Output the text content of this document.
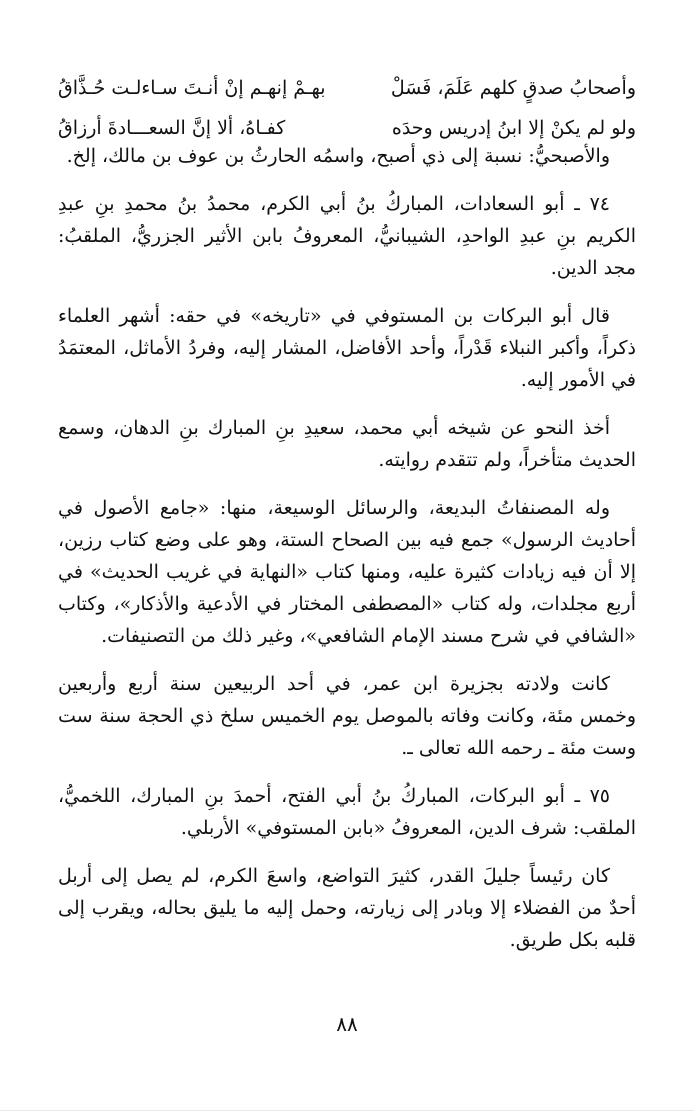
وأصحابُ صدقٍ كلهم عَلَمَ، فَسَلْ
بهـمْ إنهـم إنْ أنـتَ سـاءلـت حُـذَّاقُ
ولو لم يكنْ إلا ابنُ إدريس وحدَه
كفـاهُ، ألا إنَّ السعـــادةَ أرزاقُ

والأصبحيُّ: نسبة إلى ذي أصبح، واسمُه الحارثُ بن عوف بن مالك، إلخ.

٧٤ ـ أبو السعادات، المباركُ بنُ أبي الكرم، محمدُ بنُ محمدِ بنِ عبدِ الكريم بنِ عبدِ الواحدِ، الشيبانيُّ، المعروفُ بابن الأثير الجزريُّ، الملقبُ: مجد الدين.

قال أبو البركات بن المستوفي في «تاريخه» في حقه: أشهر العلماء ذكراً، وأكبر النبلاء قَدْراً، وأحد الأفاضل، المشار إليه، وفردُ الأماثل، المعتمَدُ في الأمور إليه.

أخذ النحو عن شيخه أبي محمد، سعيدِ بنِ المبارك بنِ الدهان، وسمع الحديث متأخراً، ولم تتقدم روايته.

وله المصنفاتُ البديعة، والرسائل الوسيعة، منها: «جامع الأصول في أحاديث الرسول» جمع فيه بين الصحاح الستة، وهو على وضع كتاب رزين، إلا أن فيه زيادات كثيرة عليه، ومنها كتاب «النهاية في غريب الحديث» في أربع مجلدات، وله كتاب «المصطفى المختار في الأدعية والأذكار»، وكتاب «الشافي في شرح مسند الإمام الشافعي»، وغير ذلك من التصنيفات.

كانت ولادته بجزيرة ابن عمر، في أحد الربيعين سنة أربع وأربعين وخمس مئة، وكانت وفاته بالموصل يوم الخميس سلخ ذي الحجة سنة ست وست مئة ـ رحمه الله تعالى ـ.

٧٥ ـ أبو البركات، المباركُ بنُ أبي الفتح، أحمدَ بنِ المبارك، اللخميُّ، الملقب: شرف الدين، المعروفُ «بابن المستوفي» الأربلي.

كان رئيساً جليلَ القدر، كثيرَ التواضع، واسعَ الكرم، لم يصل إلى أربل أحدٌ من الفضلاء إلا وبادر إلى زيارته، وحمل إليه ما يليق بحاله، ويقرب إلى قلبه بكل طريق.

٨٨
